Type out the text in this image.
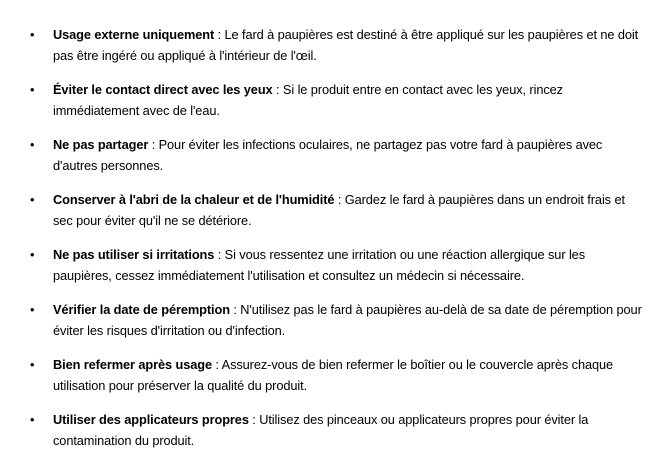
•	Usage externe uniquement : Le fard à paupières est destiné à être appliqué sur les paupières et ne doit pas être ingéré ou appliqué à l'intérieur de l'œil.
•	Éviter le contact direct avec les yeux : Si le produit entre en contact avec les yeux, rincez immédiatement avec de l'eau.
•	Ne pas partager : Pour éviter les infections oculaires, ne partagez pas votre fard à paupières avec d'autres personnes.
•	Conserver à l'abri de la chaleur et de l'humidité : Gardez le fard à paupières dans un endroit frais et sec pour éviter qu'il ne se détériore.
•	Ne pas utiliser si irritations : Si vous ressentez une irritation ou une réaction allergique sur les paupières, cessez immédiatement l'utilisation et consultez un médecin si nécessaire.
•	Vérifier la date de péremption : N'utilisez pas le fard à paupières au-delà de sa date de péremption pour éviter les risques d'irritation ou d'infection.
•	Bien refermer après usage : Assurez-vous de bien refermer le boîtier ou le couvercle après chaque utilisation pour préserver la qualité du produit.
•	Utiliser des applicateurs propres : Utilisez des pinceaux ou applicateurs propres pour éviter la contamination du produit.
